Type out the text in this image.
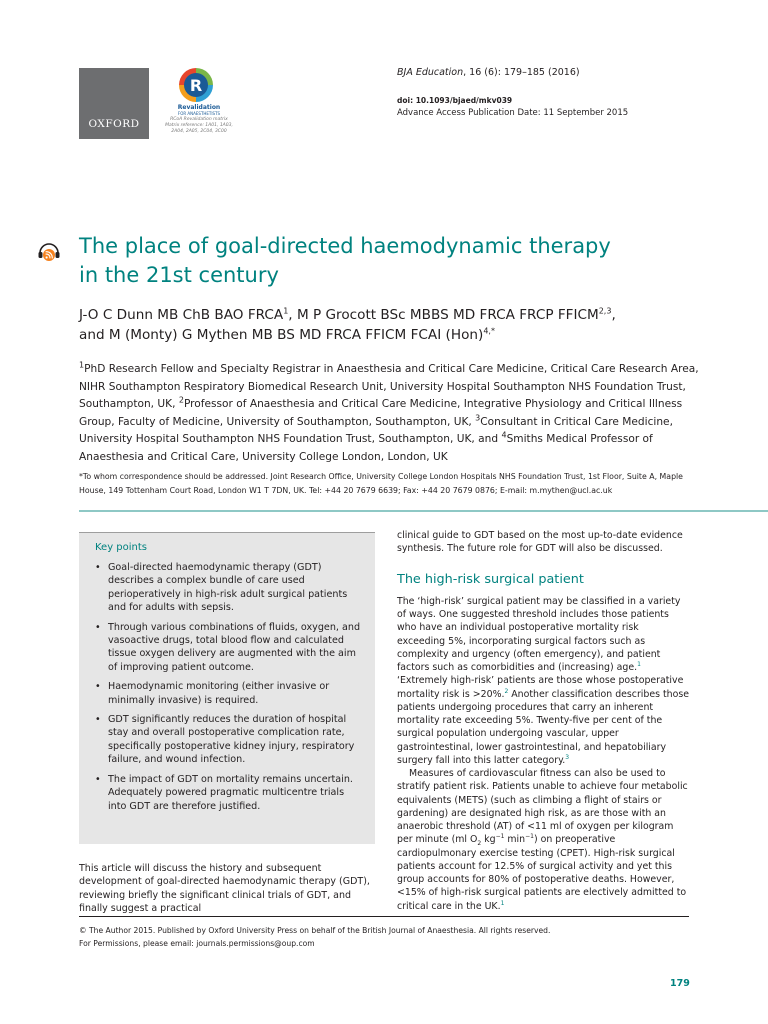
OXFORD
R
Revalidation
FOR ANAESTHETISTS
RCoA Revalidation matrix
Matrix reference: 1A01, 1A03,
2A04, 2A05, 2C04, 3C00
BJA Education, 16 (6): 179–185 (2016)
doi: 10.1093/bjaed/mkv039
Advance Access Publication Date: 11 September 2015
The place of goal-directed haemodynamic therapy
in the 21st century
J-O C Dunn MB ChB BAO FRCA$^1$, M P Grocott BSc MBBS MD FRCA FRCP FFICM$^{2,3}$,
and M (Monty) G Mythen MB BS MD FRCA FFICM FCAI (Hon)$^{4,*}$
$^1$PhD Research Fellow and Specialty Registrar in Anaesthesia and Critical Care Medicine, Critical Care Research Area, NIHR Southampton Respiratory Biomedical Research Unit, University Hospital Southampton NHS Foundation Trust, Southampton, UK, $^2$Professor of Anaesthesia and Critical Care Medicine, Integrative Physiology and Critical Illness Group, Faculty of Medicine, University of Southampton, Southampton, UK, $^3$Consultant in Critical Care Medicine, University Hospital Southampton NHS Foundation Trust, Southampton, UK, and $^4$Smiths Medical Professor of Anaesthesia and Critical Care, University College London, London, UK
*To whom correspondence should be addressed. Joint Research Office, University College London Hospitals NHS Foundation Trust, 1st Floor, Suite A, Maple House, 149 Tottenham Court Road, London W1 T 7DN, UK. Tel: +44 20 7679 6639; Fax: +44 20 7679 0876; E-mail: m.mythen@ucl.ac.uk
Key points
• Goal-directed haemodynamic therapy (GDT) describes a complex bundle of care used perioperatively in high-risk adult surgical patients and for adults with sepsis.
• Through various combinations of fluids, oxygen, and vasoactive drugs, total blood flow and calculated tissue oxygen delivery are augmented with the aim of improving patient outcome.
• Haemodynamic monitoring (either invasive or minimally invasive) is required.
• GDT significantly reduces the duration of hospital stay and overall postoperative complication rate, specifically postoperative kidney injury, respiratory failure, and wound infection.
• The impact of GDT on mortality remains uncertain. Adequately powered pragmatic multicentre trials into GDT are therefore justified.
This article will discuss the history and subsequent development of goal-directed haemodynamic therapy (GDT), reviewing briefly the significant clinical trials of GDT, and finally suggest a practical

clinical guide to GDT based on the most up-to-date evidence synthesis. The future role for GDT will also be discussed.

The high-risk surgical patient

The ‘high-risk’ surgical patient may be classified in a variety of ways. One suggested threshold includes those patients who have an individual postoperative mortality risk exceeding 5%, incorporating surgical factors such as complexity and urgency (often emergency), and patient factors such as comorbidities and (increasing) age.$^1$ ‘Extremely high-risk’ patients are those whose postoperative mortality risk is >20%.$^2$ Another classification describes those patients undergoing procedures that carry an inherent mortality rate exceeding 5%. Twenty-five per cent of the surgical population undergoing vascular, upper gastrointestinal, lower gastrointestinal, and hepatobiliary surgery fall into this latter category.$^3$

Measures of cardiovascular fitness can also be used to stratify patient risk. Patients unable to achieve four metabolic equivalents (METS) (such as climbing a flight of stairs or gardening) are designated high risk, as are those with an anaerobic threshold (AT) of <11 ml of oxygen per kilogram per minute (ml $O_2$ $kg^{-1}$ $\min^{-1}$) on preoperative cardiopulmonary exercise testing (CPET). High-risk surgical patients account for 12.5% of surgical activity and yet this group accounts for 80% of postoperative deaths. However, <15% of high-risk surgical patients are electively admitted to critical care in the UK.$^1$

© The Author 2015. Published by Oxford University Press on behalf of the British Journal of Anaesthesia. All rights reserved.
For Permissions, please email: journals.permissions@oup.com
179
